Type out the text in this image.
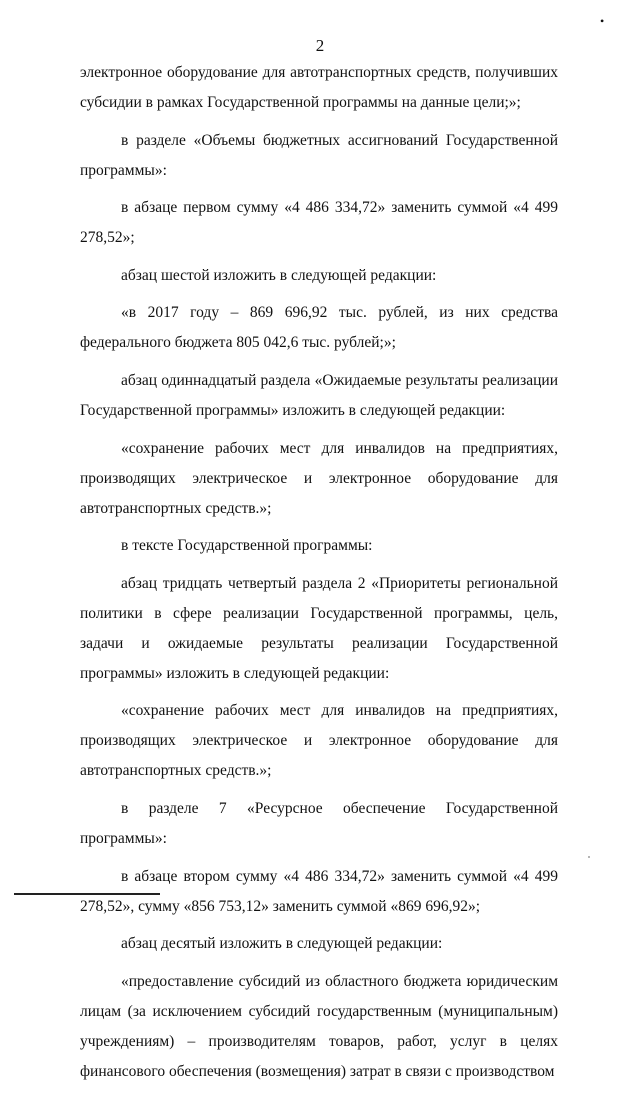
•
2

электронное оборудование для автотранспортных средств, получивших субсидии в рамках Государственной программы на данные цели;»;

в разделе «Объемы бюджетных ассигнований Государственной программы»:

в абзаце первом сумму «4 486 334,72» заменить суммой «4 499 278,52»;

абзац шестой изложить в следующей редакции:

«в 2017 году – 869 696,92 тыс. рублей, из них средства федерального бюджета 805 042,6 тыс. рублей;»;

абзац одиннадцатый раздела «Ожидаемые результаты реализации Государственной программы» изложить в следующей редакции:

«сохранение рабочих мест для инвалидов на предприятиях, производящих электрическое и электронное оборудование для автотранспортных средств.»;

в тексте Государственной программы:

абзац тридцать четвертый раздела 2 «Приоритеты региональной политики в сфере реализации Государственной программы, цель, задачи и ожидаемые результаты реализации Государственной программы» изложить в следующей редакции:

«сохранение рабочих мест для инвалидов на предприятиях, производящих электрическое и электронное оборудование для автотранспортных средств.»;

в разделе 7 «Ресурсное обеспечение Государственной программы»:

в абзаце втором сумму «4 486 334,72» заменить суммой «4 499 278,52», сумму «856 753,12» заменить суммой «869 696,92»;

абзац десятый изложить в следующей редакции:

«предоставление субсидий из областного бюджета юридическим лицам (за исключением субсидий государственным (муниципальным) учреждениям) – производителям товаров, работ, услуг в целях финансового обеспечения (возмещения) затрат в связи с производством
